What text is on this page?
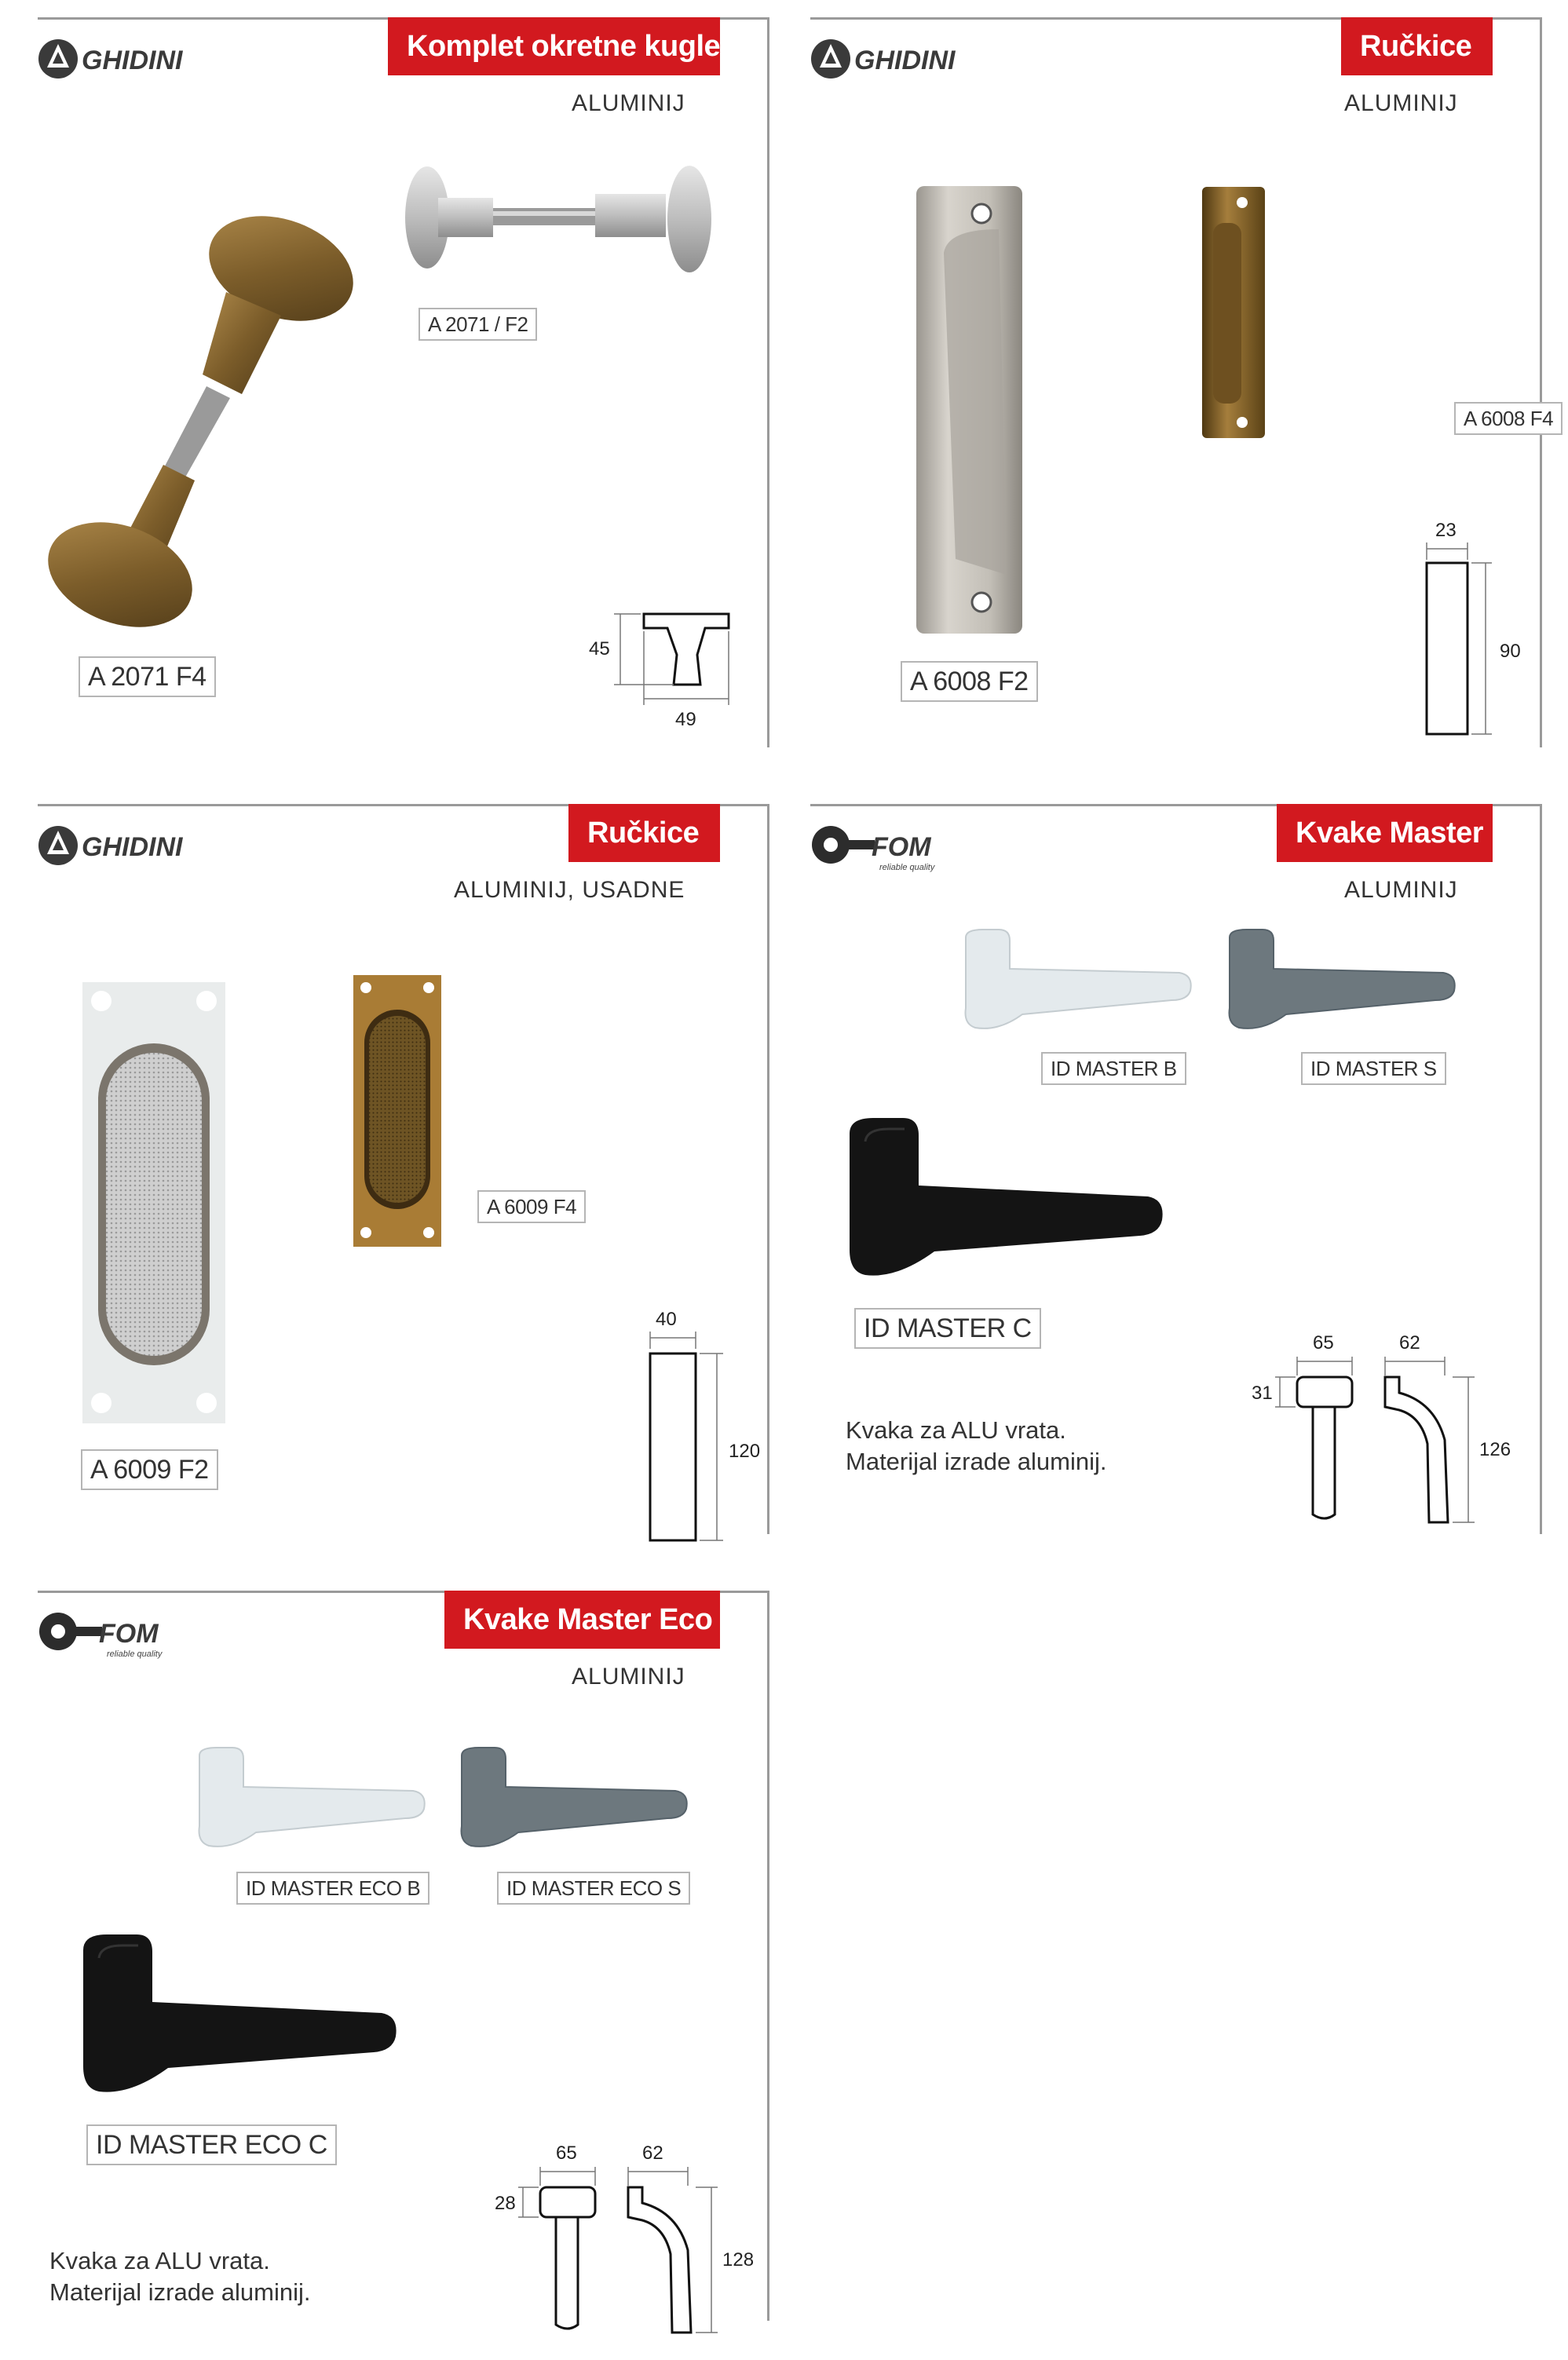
GHIDINI	Komplet okretne kugle
ALUMINIJ
A 2071 / F2
A 2071 F4
45
49
GHIDINI	Ručkice
ALUMINIJ
A 6008 F2
A 6008 F4
23
90
GHIDINI	Ručkice
ALUMINIJ, USADNE
A 6009 F2
A 6009 F4
40
120
FOM
reliable quality
Kvake Master
ALUMINIJ
ID MASTER B	ID MASTER S
ID MASTER C	65	62
31
126
Kvaka za ALU vrata.
Materijal izrade aluminij.
FOM
reliable quality
Kvake Master Eco
ALUMINIJ
ID MASTER ECO B	ID MASTER ECO S
ID MASTER ECO C	65	62
28
128
Kvaka za ALU vrata.
Materijal izrade aluminij.
